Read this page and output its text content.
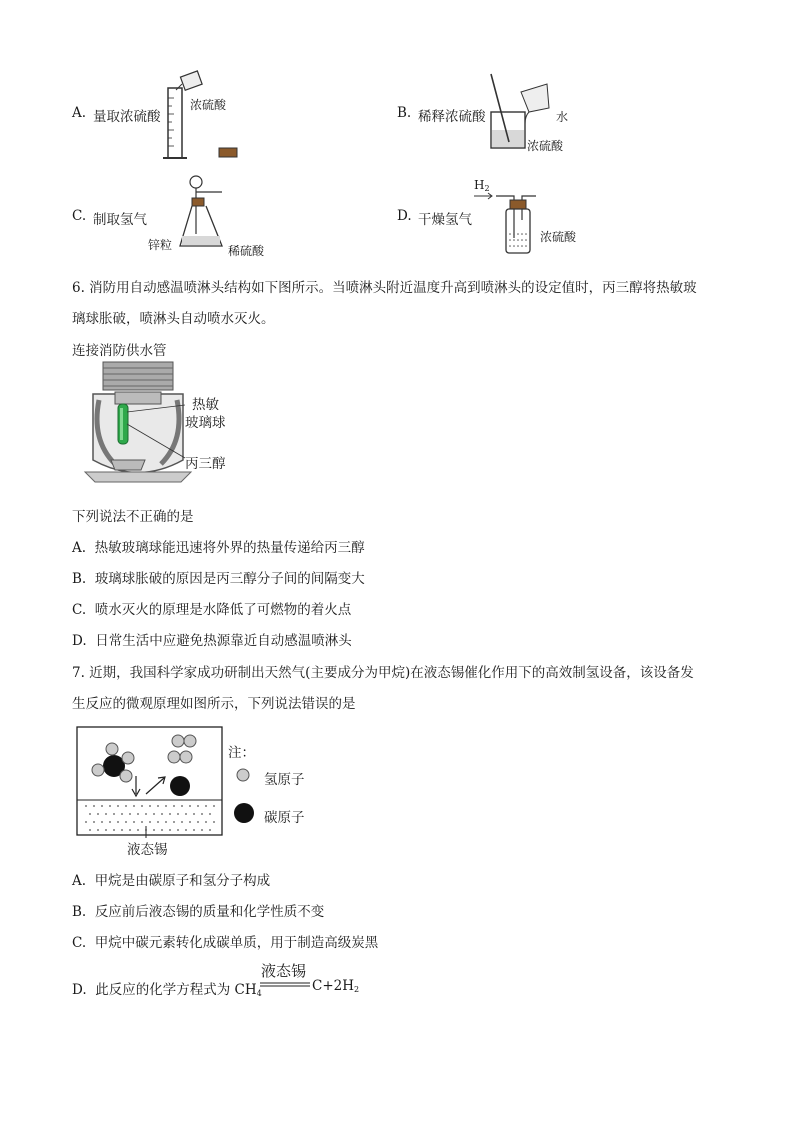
A. 量取浓硫酸
浓硫酸	B. 稀释浓硫酸	水
浓硫酸
C. 制取氢气
锌粒	稀硫酸
D. 干燥氢气
$H_2$
浓硫酸
6. 消防用自动感温喷淋头结构如下图所示。当喷淋头附近温度升高到喷淋头的设定值时，丙三醇将热敏玻
璃球胀破，喷淋头自动喷水灭火。
连接消防供水管
热敏
玻璃球
丙三醇
下列说法不正确的是
A. 热敏玻璃球能迅速将外界的热量传递给丙三醇
B. 玻璃球胀破的原因是丙三醇分子间的间隔变大
C. 喷水灭火的原理是水降低了可燃物的着火点
D. 日常生活中应避免热源靠近自动感温喷淋头
7. 近期，我国科学家成功研制出天然气(主要成分为甲烷)在液态锡催化作用下的高效制氢设备，该设备发
生反应的微观原理如图所示，下列说法错误的是
注：
氢原子
碳原子
液态锡
A. 甲烷是由碳原子和氢分子构成
B. 反应前后液态锡的质量和化学性质不变
C. 甲烷中碳元素转化成碳单质，用于制造高级炭黑
D. 此反应的化学方程式为 $CH_4$
液态锡
$C+2H_2$
